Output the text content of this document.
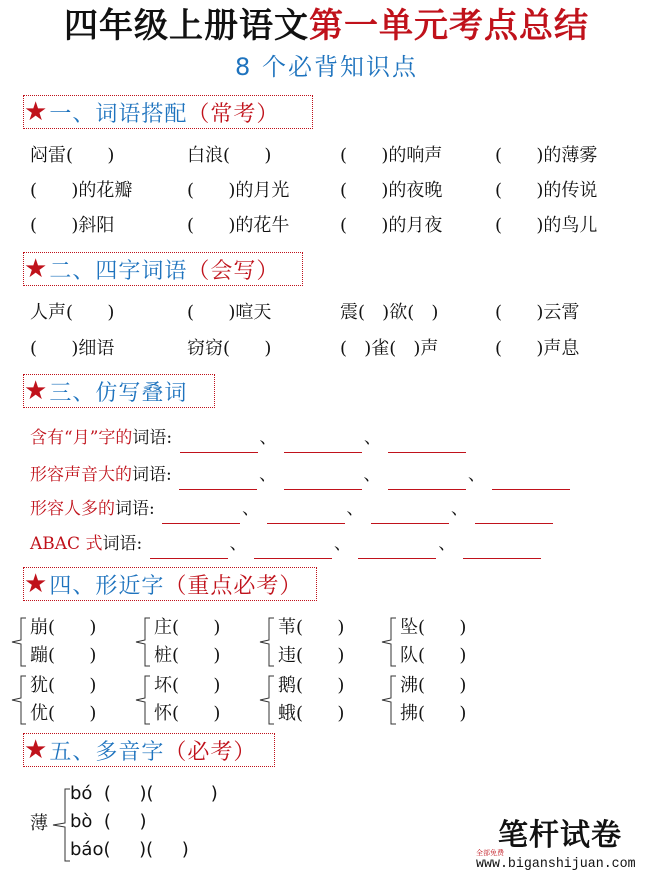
四年级上册语文第一单元考点总结
8 个必背知识点
★ 一、词语搭配 （常考）
闷雷(      )	白浪(      )	(      )的响声	(      )的薄雾
(      )的花瓣	(      )的月光	(      )的夜晚	(      )的传说
(      )斜阳	(      )的花牛	(      )的月夜	(      )的鸟儿
★ 二、四字词语 （会写）
人声(      )	(      )喧天	震(   )欲(   )	(      )云霄
(      )细语	窃窃(      )	(   )雀(   )声	(      )声息
★ 三、仿写叠词
含有“月”字的词语:	、	、
形容声音大的词语:	、	、	、
形容人多的词语:	、	、	、
ABAC 式词语:	、	、	、
★ 四、形近字 （重点必考）
崩(      )
蹦(      )
庄(      )
桩(      )
苇(      )
违(      )
坠(      )
队(      )
犹(      )
优(      )
坏(      )
怀(      )
鹅(      )
蛾(      )
沸(      )
拂(      )
★ 五、多音字 （必考）
薄
bó  (     )(          )
bò  (     )
báo(     )(     )	笔杆试卷
全部免费
www.biganshijuan.com
